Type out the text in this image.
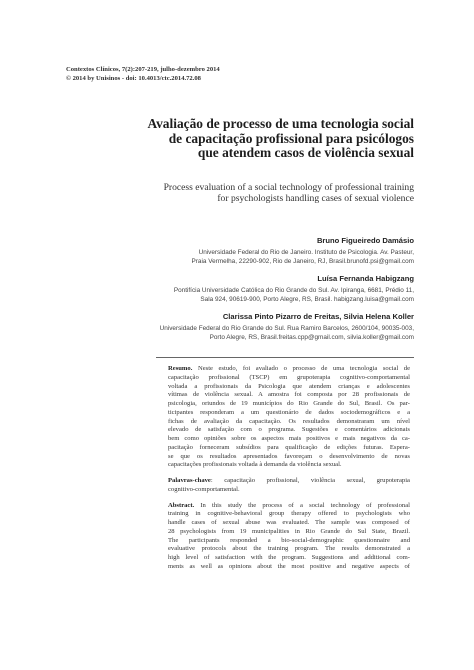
Contextos Clínicos, 7(2):207-219, julho-dezembro 2014
© 2014 by Unisinos - doi: 10.4013/ctc.2014.72.08
Avaliação de processo de uma tecnologia social
de capacitação profissional para psicólogos
que atendem casos de violência sexual
Process evaluation of a social technology of professional training
for psychologists handling cases of sexual violence
Bruno Figueiredo Damásio
Universidade Federal do Rio de Janeiro. Instituto de Psicologia. Av. Pasteur,
Praia Vermelha, 22290-902, Rio de Janeiro, RJ, Brasil.brunofd.psi@gmail.com
Luísa Fernanda Habigzang
Pontifícia Universidade Católica do Rio Grande do Sul. Av. Ipiranga, 6681, Prédio 11,
Sala 924, 90619-900, Porto Alegre, RS, Brasil. habigzang.luisa@gmail.com
Clarissa Pinto Pizarro de Freitas, Silvia Helena Koller
Universidade Federal do Rio Grande do Sul. Rua Ramiro Barcelos, 2600/104, 90035-003,
Porto Alegre, RS, Brasil.freitas.cpp@gmail.com, silvia.koller@gmail.com

Resumo. Neste estudo, foi avaliado o processo de uma tecnologia social de
capacitação profissional (TSCP) em grupoterapia cognitivo-comportamental
voltada a profissionais da Psicologia que atendem crianças e adolescentes
vítimas de violência sexual. A amostra foi composta por 28 profissionais de
psicologia, oriundos de 19 municípios do Rio Grande do Sul, Brasil. Os par-
ticipantes responderam a um questionário de dados sociodemográficos e a
fichas de avaliação da capacitação. Os resultados demonstraram um nível
elevado de satisfação com o programa. Sugestões e comentários adicionais
bem como opiniões sobre os aspectos mais positivos e mais negativos da ca-
pacitação forneceram subsídios para qualificação de edições futuras. Espera-
se que os resultados apresentados favoreçam o desenvolvimento de novas
capacitações profissionais voltada à demanda da violência sexual.

Palavras-chave: capacitação profissional, violência sexual, grupoterapia
cognitivo-comportamental.

Abstract. In this study the process of a social technology of professional
training in cognitive-behavioral group therapy offered to psychologists who
handle cases of sexual abuse was evaluated. The sample was composed of
28 psychologists from 19 municipalities in Rio Grande do Sul State, Brazil.
The participants responded a bio-social-demographic questionnaire and
evaluative protocols about the training program. The results demonstrated a
high level of satisfaction with the program. Suggestions and additional com-
ments as well as opinions about the most positive and negative aspects of
